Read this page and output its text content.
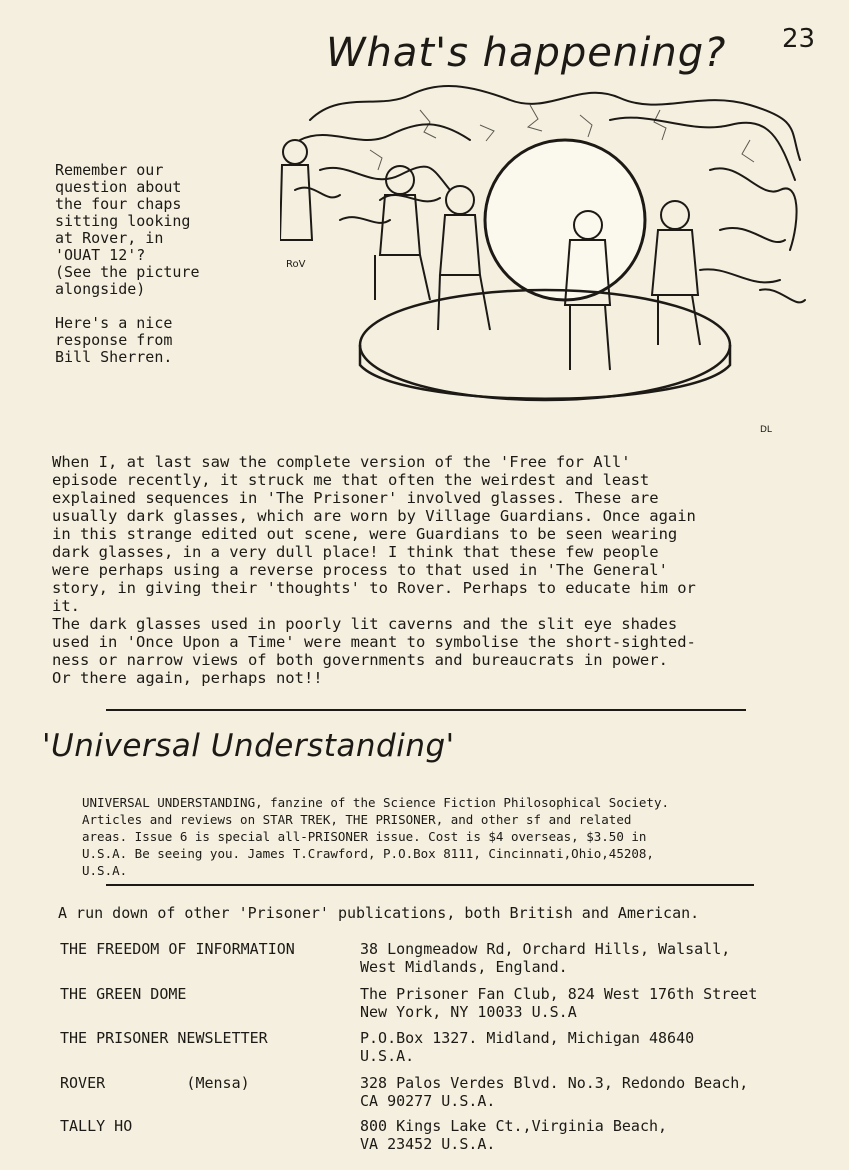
23
What's happening?
RoV
DL
Remember our
question about
the four chaps
sitting looking
at Rover, in
'OUAT 12'?
(See the picture
alongside)

Here's a nice
response from
Bill Sherren.
When I, at last saw the complete version of the 'Free for All'
episode recently, it struck me that often the weirdest and least
explained sequences in 'The Prisoner' involved glasses. These are
usually dark glasses, which are worn by Village Guardians. Once again
in this strange edited out scene, were Guardians to be seen wearing
dark glasses, in a very dull place! I think that these few people
were perhaps using a reverse process to that used in 'The General'
story, in giving their 'thoughts' to Rover. Perhaps to educate him or
it.
The dark glasses used in poorly lit caverns and the slit eye shades
used in 'Once Upon a Time' were meant to symbolise the short-sighted-
ness or narrow views of both governments and bureaucrats in power.
Or there again, perhaps not!!
'Universal Understanding'
UNIVERSAL UNDERSTANDING, fanzine of the Science Fiction Philosophical Society.
Articles and reviews on STAR TREK, THE PRISONER, and other sf and related
areas. Issue 6 is special all-PRISONER issue. Cost is $4 overseas, $3.50 in
U.S.A. Be seeing you. James T.Crawford, P.O.Box 8111, Cincinnati,Ohio,45208,
U.S.A.
A run down of other 'Prisoner' publications, both British and American.
THE FREEDOM OF INFORMATION	38 Longmeadow Rd, Orchard Hills, Walsall,
West Midlands, England.
THE GREEN DOME	The Prisoner Fan Club, 824 West 176th Street
New York, NY 10033 U.S.A
THE PRISONER NEWSLETTER	P.O.Box 1327. Midland, Michigan 48640
U.S.A.
ROVER         (Mensa)	328 Palos Verdes Blvd. No.3, Redondo Beach,
CA 90277 U.S.A.
TALLY HO	800 Kings Lake Ct.,Virginia Beach,
VA 23452 U.S.A.
